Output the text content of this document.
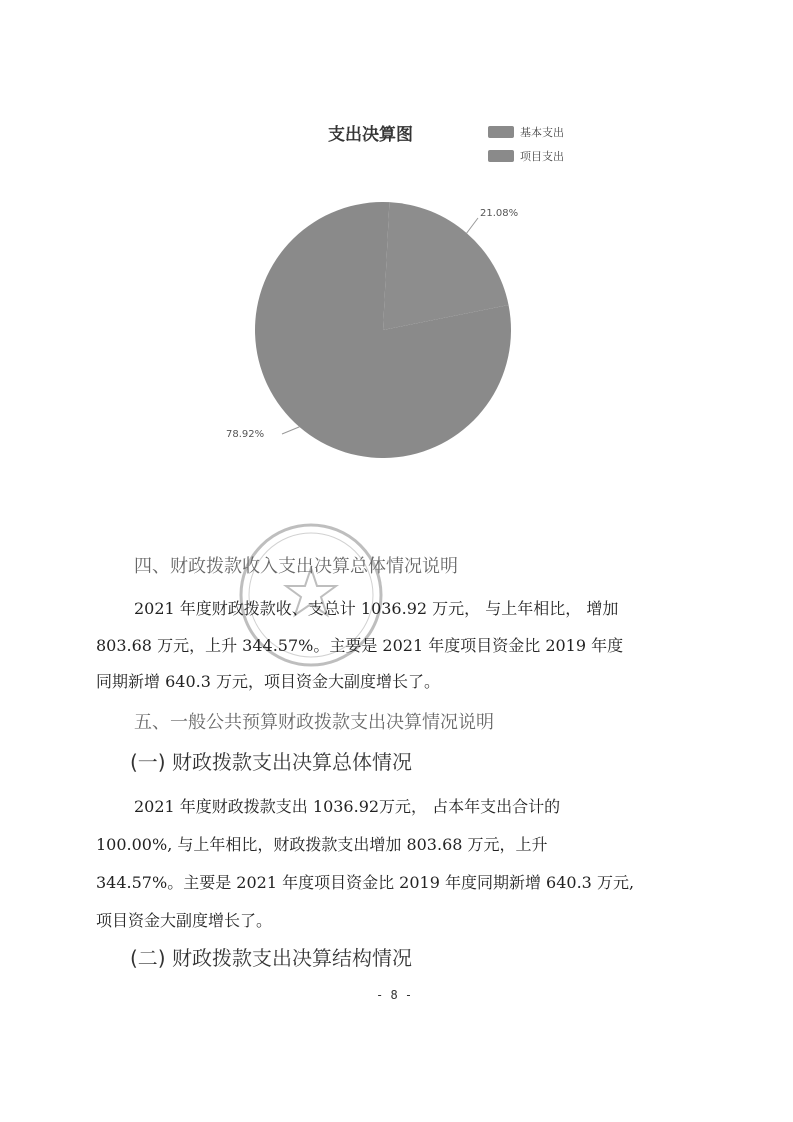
21.08%
78.92%
支出决算图	基本支出
项目支出
四、财政拨款收入支出决算总体情况说明
2021 年度财政拨款收、支总计 1036.92 万元， 与上年相比， 增加
803.68 万元，上升 344.57%。主要是 2021 年度项目资金比 2019 年度
同期新增 640.3 万元，项目资金大副度增长了。
五、一般公共预算财政拨款支出决算情况说明
(一) 财政拨款支出决算总体情况
2021 年度财政拨款支出 1036.92万元， 占本年支出合计的
100.00%, 与上年相比，财政拨款支出增加 803.68 万元，上升
344.57%。主要是 2021 年度项目资金比 2019 年度同期新增 640.3 万元,
项目资金大副度增长了。
(二) 财政拨款支出决算结构情况
- 8 -
